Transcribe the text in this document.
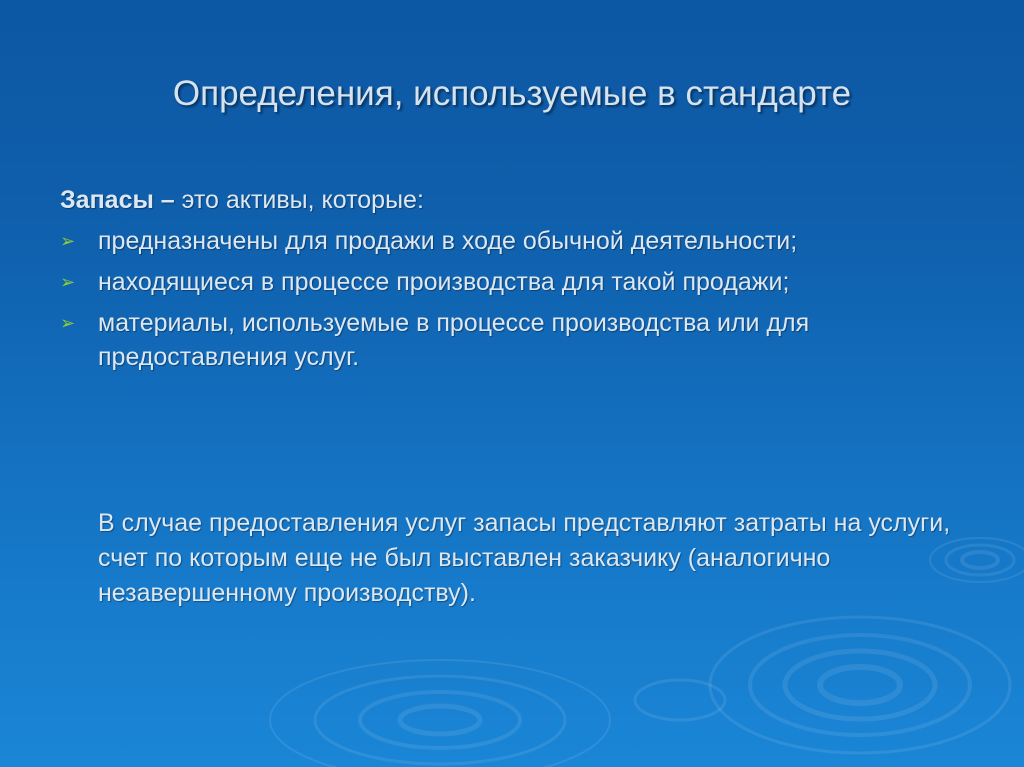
Определения, используемые в стандарте
Запасы – это активы, которые:
➢ предназначены для продажи в ходе обычной деятельности;
➢ находящиеся в процессе производства для такой продажи;
➢ материалы, используемые в процессе производства или для предоставления услуг.
В случае предоставления услуг запасы представляют затраты на услуги, счет по которым еще не был выставлен заказчику (аналогично незавершенному производству).
